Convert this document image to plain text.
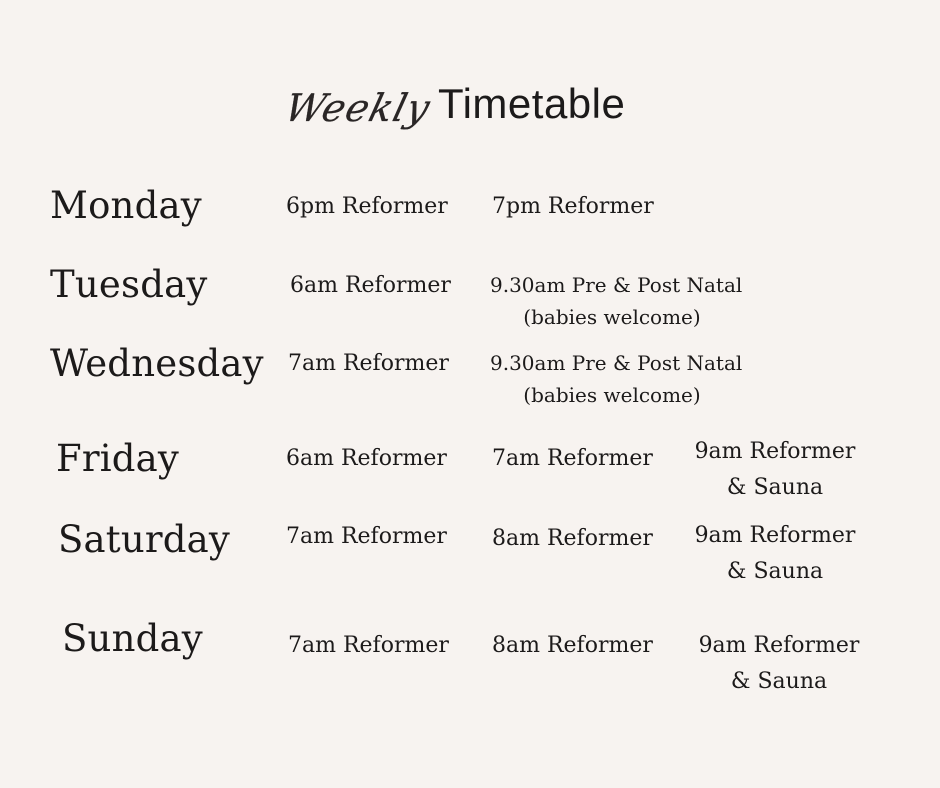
Weekly Timetable
Monday	6pm Reformer 7pm Reformer
Tuesday	6am Reformer 9.30am Pre & Post Natal
(babies welcome)
Wednesday 7am Reformer 9.30am Pre & Post Natal
(babies welcome)
Friday	6am Reformer 7am Reformer 9am Reformer
& Sauna
Saturday	7am Reformer 8am Reformer 9am Reformer
& Sauna
Sunday	7am Reformer 8am Reformer 9am Reformer
& Sauna
